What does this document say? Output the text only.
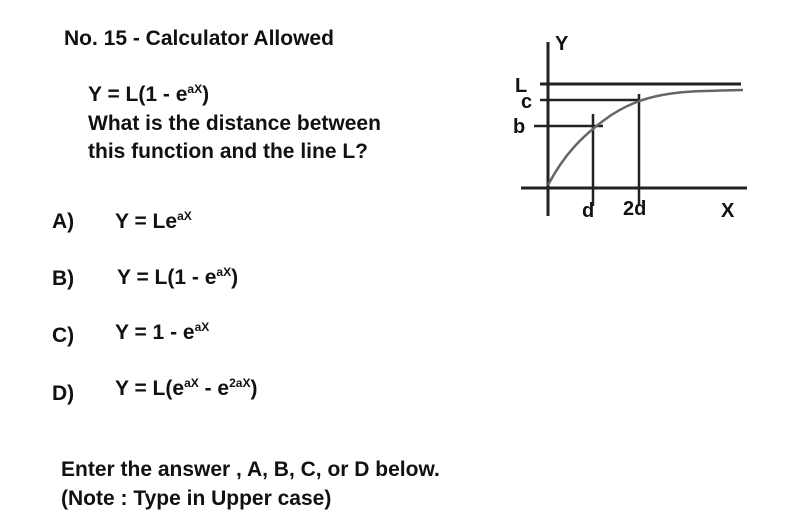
No. 15 - Calculator Allowed
$Y = L(1 - e^{aX})$
What is the distance between
this function and the line L?
A) $Y = Le^{aX}$
B) $Y = L(1 - e^{aX})$
C) $Y = 1 - e^{aX}$
D) $Y = L(e^{aX} - e^{2aX})$
Enter the answer , A, B, C, or D below.
(Note : Type in Upper case)
Y
X
L
c
b
d 2d
